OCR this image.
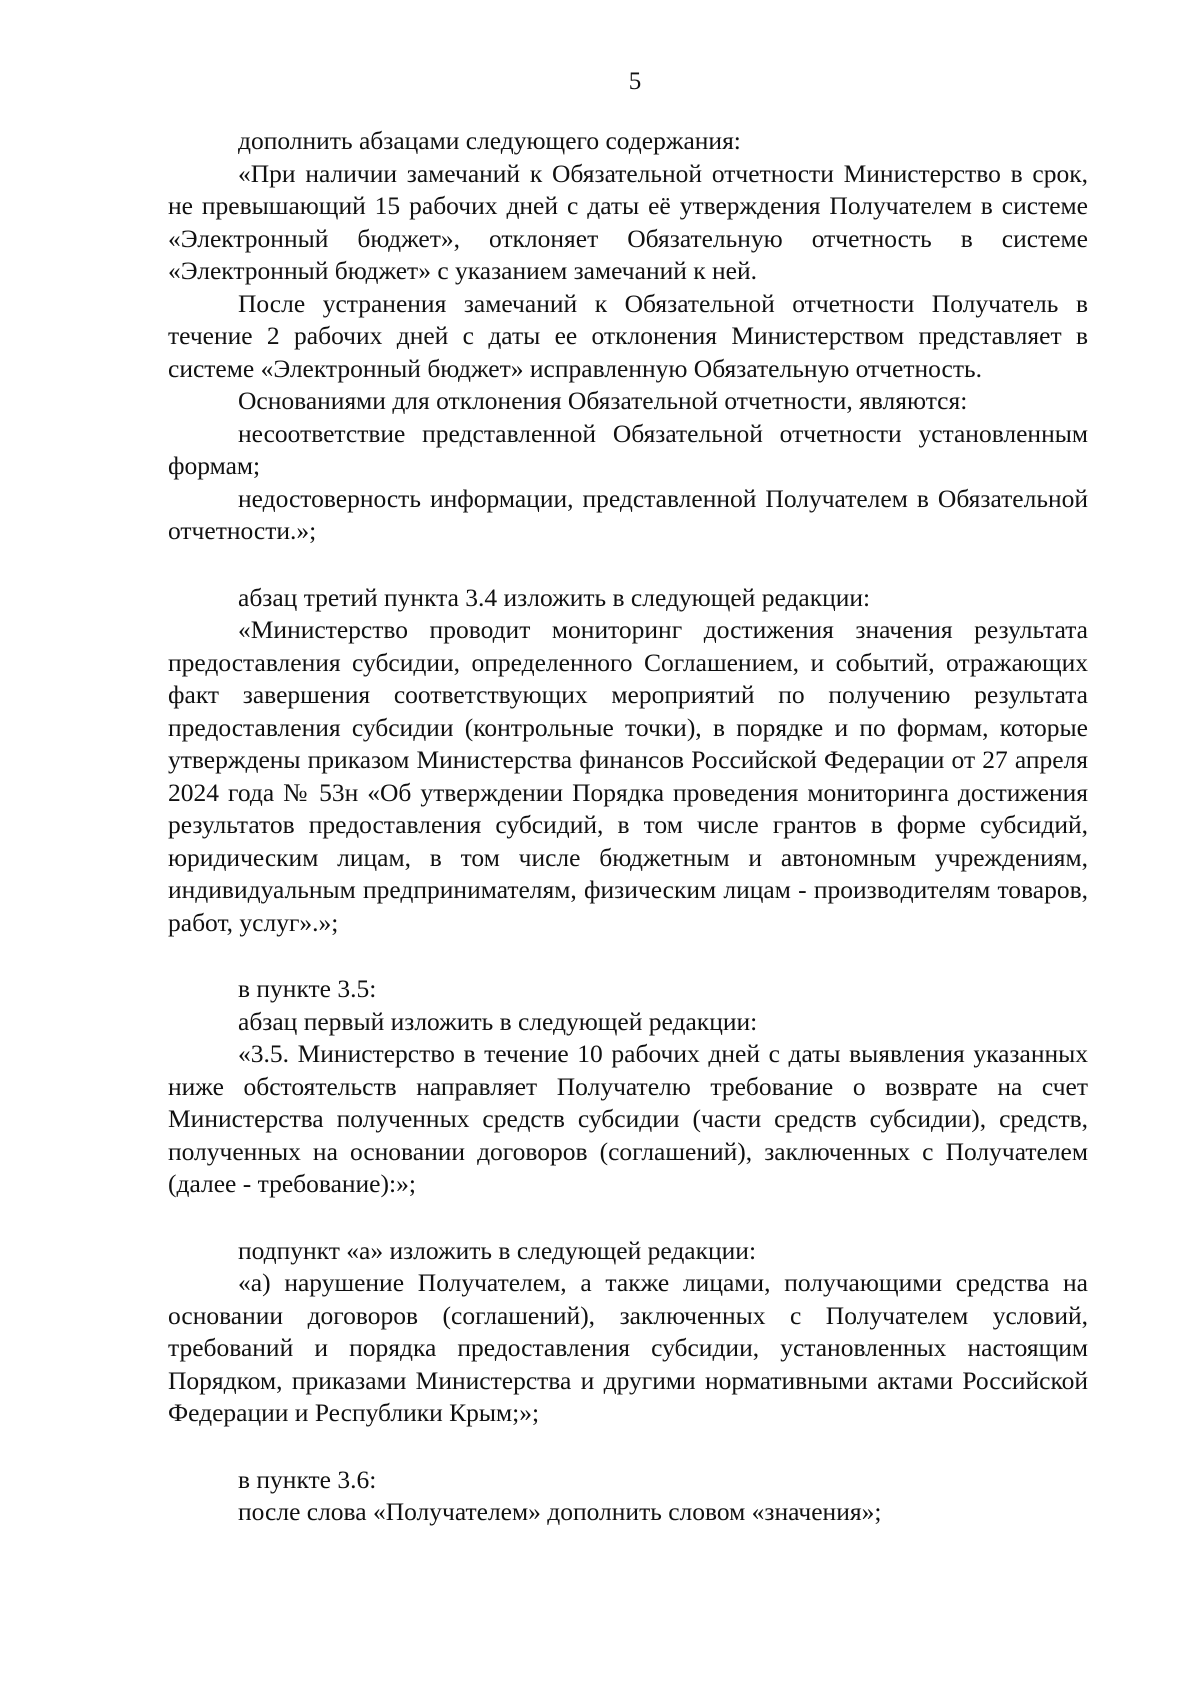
5

дополнить абзацами следующего содержания:

«При наличии замечаний к Обязательной отчетности Министерство в срок, не превышающий 15 рабочих дней с даты её утверждения Получателем в системе «Электронный бюджет», отклоняет Обязательную отчетность в системе «Электронный бюджет» с указанием замечаний к ней.

После устранения замечаний к Обязательной отчетности Получатель в течение 2 рабочих дней с даты ее отклонения Министерством представляет в системе «Электронный бюджет» исправленную Обязательную отчетность.

Основаниями для отклонения Обязательной отчетности, являются:

несоответствие представленной Обязательной отчетности установленным формам;

недостоверность информации, представленной Получателем в Обязательной отчетности.»;

абзац третий пункта 3.4 изложить в следующей редакции:

«Министерство проводит мониторинг достижения значения результата предоставления субсидии, определенного Соглашением, и событий, отражающих факт завершения соответствующих мероприятий по получению результата предоставления субсидии (контрольные точки), в порядке и по формам, которые утверждены приказом Министерства финансов Российской Федерации от 27 апреля 2024 года № 53н «Об утверждении Порядка проведения мониторинга достижения результатов предоставления субсидий, в том числе грантов в форме субсидий, юридическим лицам, в том числе бюджетным и автономным учреждениям, индивидуальным предпринимателям, физическим лицам - производителям товаров, работ, услуг».»;

в пункте 3.5:

абзац первый изложить в следующей редакции:

«3.5. Министерство в течение 10 рабочих дней с даты выявления указанных ниже обстоятельств направляет Получателю требование о возврате на счет Министерства полученных средств субсидии (части средств субсидии), средств, полученных на основании договоров (соглашений), заключенных с Получателем (далее - требование):»;

подпункт «а» изложить в следующей редакции:

«а) нарушение Получателем, а также лицами, получающими средства на основании договоров (соглашений), заключенных с Получателем условий, требований и порядка предоставления субсидии, установленных настоящим Порядком, приказами Министерства и другими нормативными актами Российской Федерации и Республики Крым;»;

в пункте 3.6:

после слова «Получателем» дополнить словом «значения»;
